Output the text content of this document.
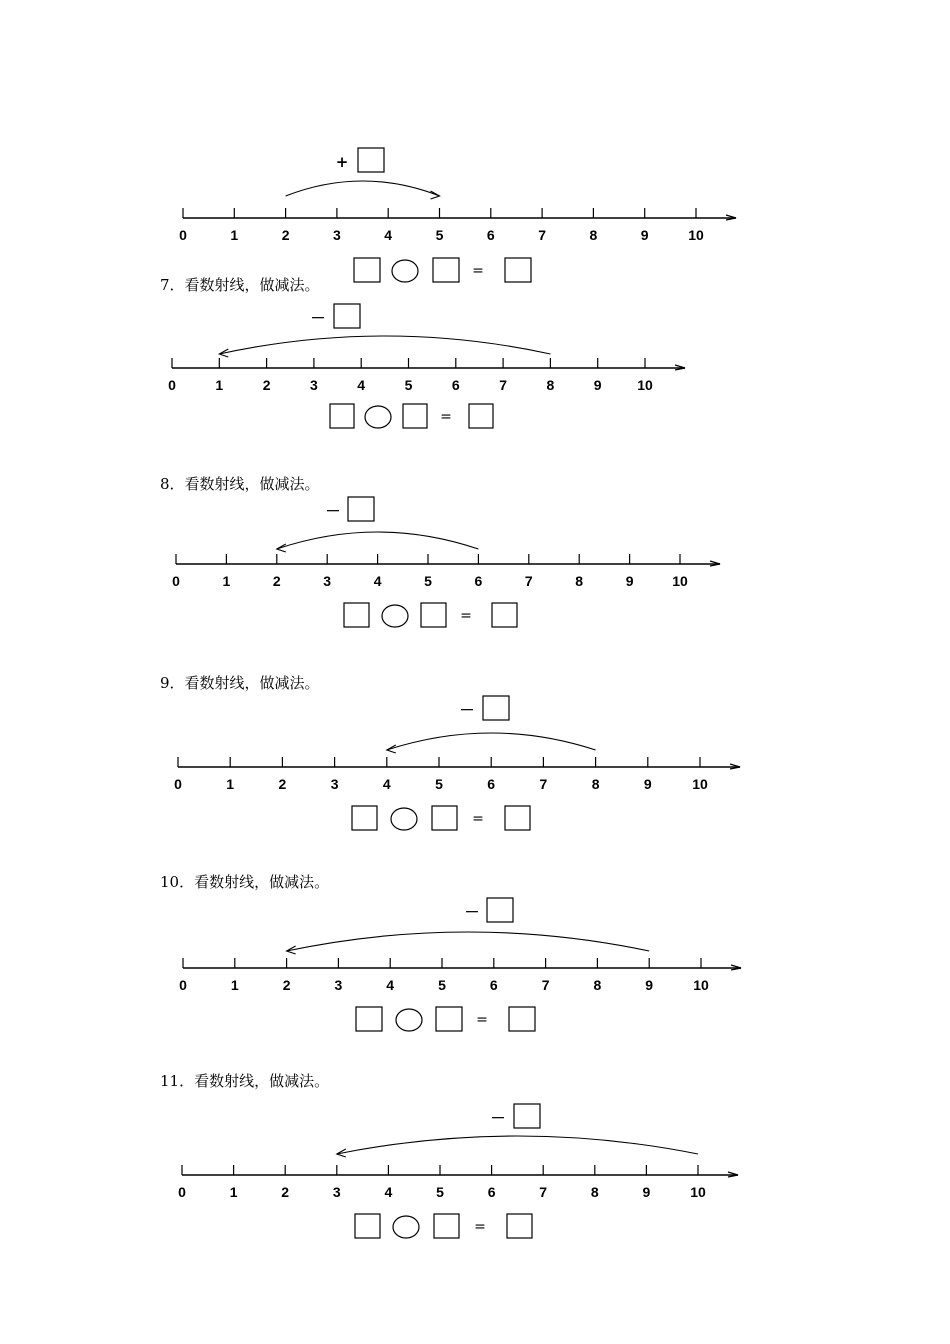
0	1	2	3	4	5	6	7	8	9	10
+
=
7．看数射线，做减法。
0	1	2	3	4	5	6	7	8	9	10
－
=
8．看数射线，做减法。
0	1	2	3	4	5	6	7	8	9	10
－
=
9．看数射线，做减法。
0	1	2	3	4	5	6	7	8	9	10
－
=
10．看数射线，做减法。
0	1	2	3	4	5	6	7	8	9	10
－
=
11．看数射线，做减法。
0	1	2	3	4	5	6	7	8	9	10
－
=
